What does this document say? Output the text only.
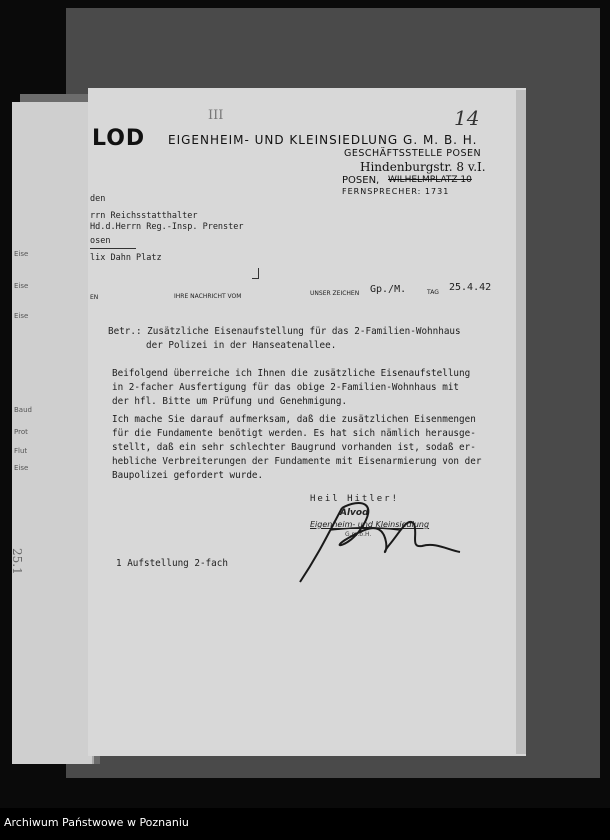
Eise
Eise
Eise
Baud
Prot
Flut
Eise
25.1
14
III
LOD EIGENHEIM- UND KLEINSIEDLUNG G. M. B. H.
GESCHÄFTSSTELLE POSEN
Hindenburgstr. 8 v.I.
POSEN, WILHELMPLATZ 10
FERNSPRECHER: 1731
den
rrn Reichsstatthalter
Hd.d.Herrn Reg.-Insp. Prenster
osen
lix Dahn Platz
EN	IHRE NACHRICHT VOM	UNSER ZEICHEN Gp./M.	TAG 25.4.42
Betr.: Zusätzliche Eisenaufstellung für das 2-Familien-Wohnhaus
der Polizei in der Hanseatenallee.
Beifolgend überreiche ich Ihnen die zusätzliche Eisenaufstellung
in 2-facher Ausfertigung für das obige 2-Familien-Wohnhaus mit
der hfl. Bitte um Prüfung und Genehmigung.
Ich mache Sie darauf aufmerksam, daß die zusätzlichen Eisenmengen
für die Fundamente benötigt werden. Es hat sich nämlich herausge-
stellt, daß ein sehr schlechter Baugrund vorhanden ist, sodaß er-
hebliche Verbreiterungen der Fundamente mit Eisenarmierung von der
Baupolizei gefordert wurde.
Heil Hitler!
Alvod
Eigenheim- und Kleinsiedlung
G.m.b.H.
1 Aufstellung 2-fach
Archiwum Państwowe w Poznaniu
